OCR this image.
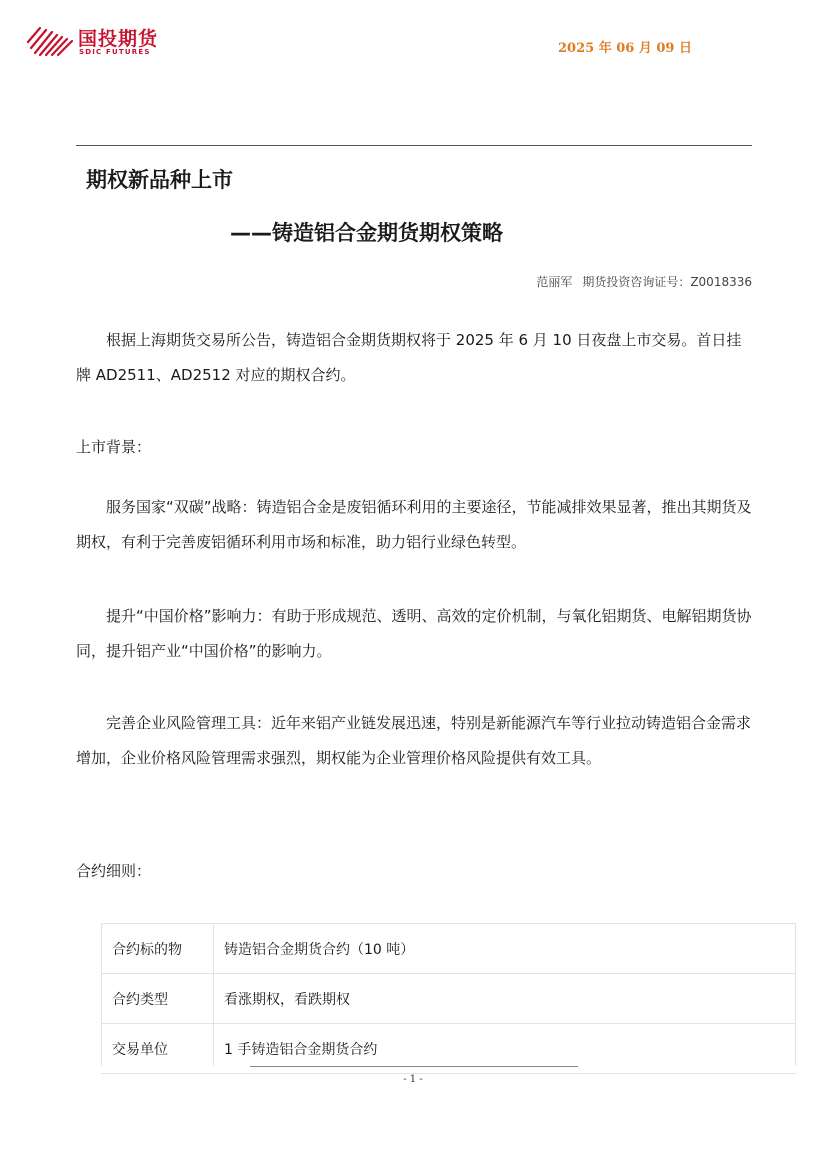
国投期货
SDIC FUTURES	2025 年 06 月 09 日
期权新品种上市
——铸造铝合金期货期权策略
范丽军 期货投资咨询证号：Z0018336

根据上海期货交易所公告，铸造铝合金期货期权将于 2025 年 6 月 10 日夜盘上市交易。首日挂牌 AD2511、AD2512 对应的期权合约。

上市背景：

服务国家“双碳”战略：铸造铝合金是废铝循环利用的主要途径，节能减排效果显著，推出其期货及期权，有利于完善废铝循环利用市场和标准，助力铝行业绿色转型。

提升“中国价格”影响力：有助于形成规范、透明、高效的定价机制，与氧化铝期货、电解铝期货协同，提升铝产业“中国价格”的影响力。

完善企业风险管理工具：近年来铝产业链发展迅速，特别是新能源汽车等行业拉动铸造铝合金需求增加，企业价格风险管理需求强烈，期权能为企业管理价格风险提供有效工具。

合约细则：

合约标的物	铸造铝合金期货合约（10 吨）
合约类型	看涨期权，看跌期权
交易单位	1 手铸造铝合金期货合约
- 1 -
